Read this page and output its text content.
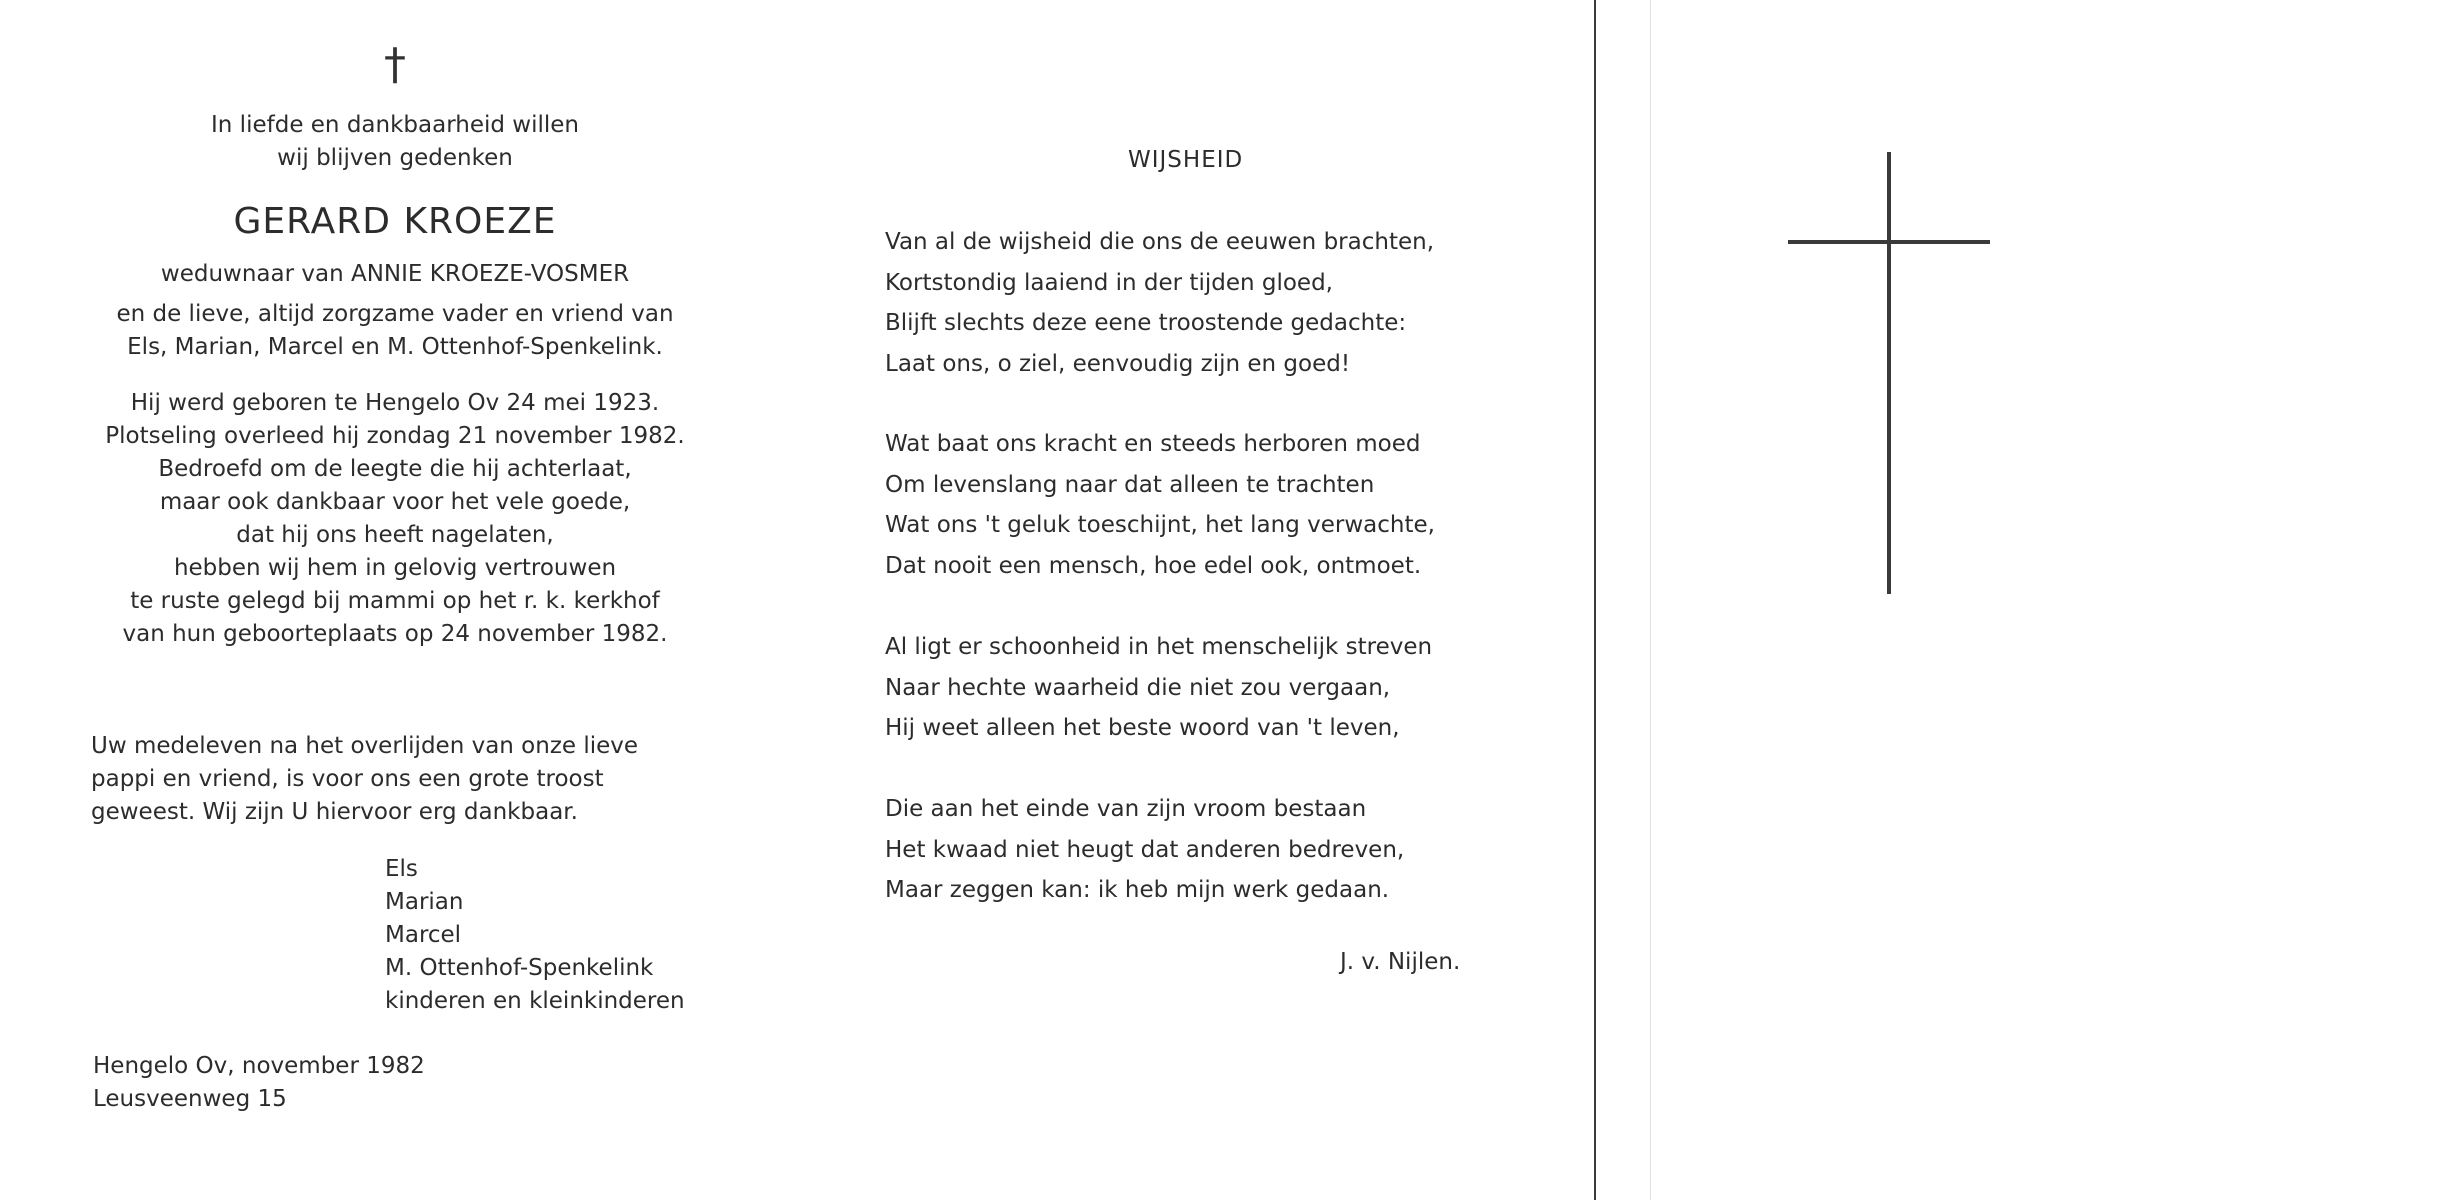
†
In liefde en dankbaarheid willen
wij blijven gedenken
GERARD KROEZE
weduwnaar van ANNIE KROEZE-VOSMER
en de lieve, altijd zorgzame vader en vriend van
Els, Marian, Marcel en M. Ottenhof-Spenkelink.
Hij werd geboren te Hengelo Ov 24 mei 1923.
Plotseling overleed hij zondag 21 november 1982.
Bedroefd om de leegte die hij achterlaat,
maar ook dankbaar voor het vele goede,
dat hij ons heeft nagelaten,
hebben wij hem in gelovig vertrouwen
te ruste gelegd bij mammi op het r. k. kerkhof
van hun geboorteplaats op 24 november 1982.
Uw medeleven na het overlijden van onze lieve
pappi en vriend, is voor ons een grote troost
geweest. Wij zijn U hiervoor erg dankbaar.
Els
Marian
Marcel
M. Ottenhof-Spenkelink
kinderen en kleinkinderen
Hengelo Ov, november 1982
Leusveenweg 15
WIJSHEID
Van al de wijsheid die ons de eeuwen brachten,
Kortstondig laaiend in der tijden gloed,
Blijft slechts deze eene troostende gedachte:
Laat ons, o ziel, eenvoudig zijn en goed!
Wat baat ons kracht en steeds herboren moed
Om levenslang naar dat alleen te trachten
Wat ons 't geluk toeschijnt, het lang verwachte,
Dat nooit een mensch, hoe edel ook, ontmoet.
Al ligt er schoonheid in het menschelijk streven
Naar hechte waarheid die niet zou vergaan,
Hij weet alleen het beste woord van 't leven,
Die aan het einde van zijn vroom bestaan
Het kwaad niet heugt dat anderen bedreven,
Maar zeggen kan: ik heb mijn werk gedaan.
J. v. Nijlen.
